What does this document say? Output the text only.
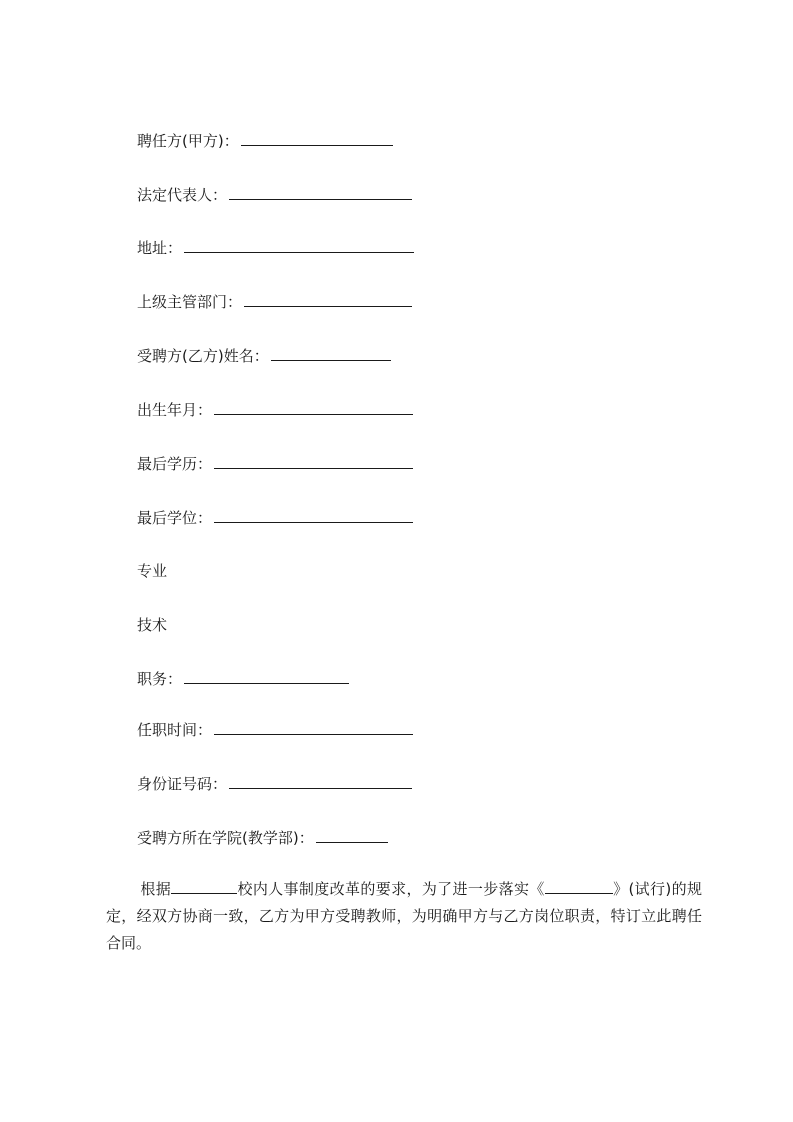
聘任方(甲方)：
法定代表人：
地址：
上级主管部门：
受聘方(乙方)姓名：
出生年月：
最后学历：
最后学位：
专业
技术
职务：
任职时间：
身份证号码：
受聘方所在学院(教学部)：
根据	校内人事制度改革的要求，为了进一步落实《	》(试行)的规定，经双方协商一致，乙方为甲方受聘教师，为明确甲方与乙方岗位职责，特订立此聘任合同。
